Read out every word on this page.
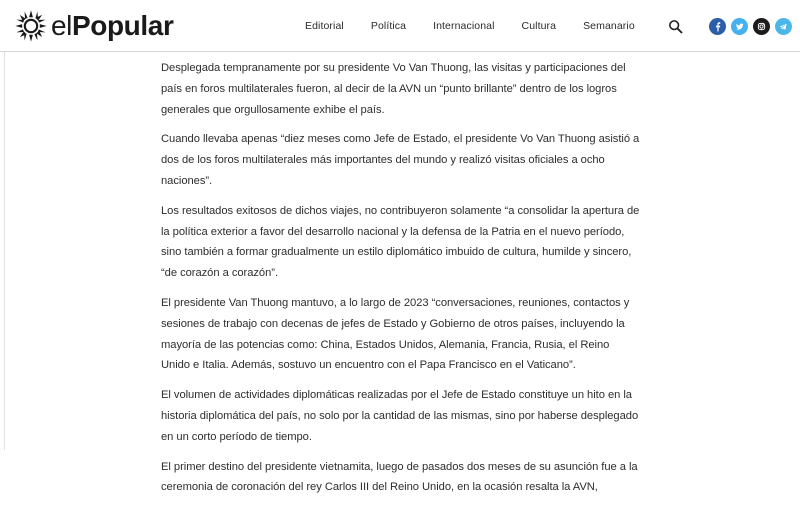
elPopular	Editorial	Política	Internacional	Cultura	Semanario

Desplegada tempranamente por su presidente Vo Van Thuong, las visitas y participaciones del país en foros multilaterales fueron, al decir de la AVN un “punto brillante” dentro de los logros generales que orgullosamente exhibe el país.

Cuando llevaba apenas “diez meses como Jefe de Estado, el presidente Vo Van Thuong asistió a dos de los foros multilaterales más importantes del mundo y realizó visitas oficiales a ocho naciones”.

Los resultados exitosos de dichos viajes, no contribuyeron solamente “a consolidar la apertura de la política exterior a favor del desarrollo nacional y la defensa de la Patria en el nuevo período, sino también a formar gradualmente un estilo diplomático imbuido de cultura, humilde y sincero, “de corazón a corazón”.

El presidente Van Thuong mantuvo, a lo largo de 2023 “conversaciones, reuniones, contactos y sesiones de trabajo con decenas de jefes de Estado y Gobierno de otros países, incluyendo la mayoría de las potencias como: China, Estados Unidos, Alemania, Francia, Rusia, el Reino Unido e Italia. Además, sostuvo un encuentro con el Papa Francisco en el Vaticano”.

El volumen de actividades diplomáticas realizadas por el Jefe de Estado constituye un hito en la historia diplomática del país, no solo por la cantidad de las mismas, sino por haberse desplegado en un corto período de tiempo.

El primer destino del presidente vietnamita, luego de pasados dos meses de su asunción fue a la ceremonia de coronación del rey Carlos III del Reino Unido, en la ocasión resalta la AVN,
